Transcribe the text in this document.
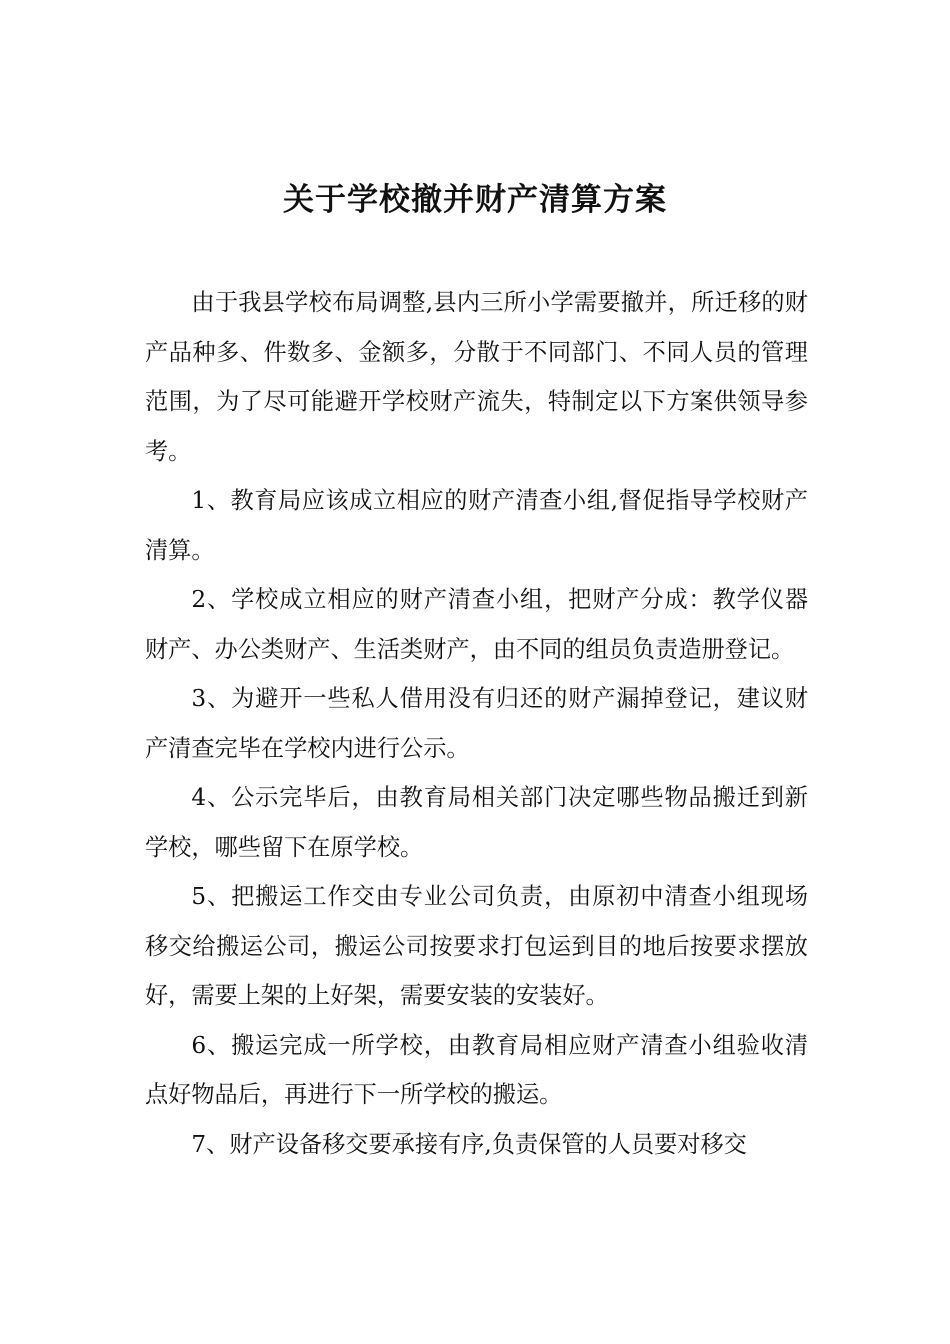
关于学校撤并财产清算方案

由于我县学校布局调整,县内三所小学需要撤并，所迁移的财产品种多、件数多、金额多，分散于不同部门、不同人员的管理范围，为了尽可能避开学校财产流失，特制定以下方案供领导参考。

1、教育局应该成立相应的财产清查小组,督促指导学校财产清算。

2、学校成立相应的财产清查小组，把财产分成：教学仪器财产、办公类财产、生活类财产，由不同的组员负责造册登记。

3、为避开一些私人借用没有归还的财产漏掉登记，建议财产清查完毕在学校内进行公示。

4、公示完毕后，由教育局相关部门决定哪些物品搬迁到新学校，哪些留下在原学校。

5、把搬运工作交由专业公司负责，由原初中清查小组现场移交给搬运公司，搬运公司按要求打包运到目的地后按要求摆放好，需要上架的上好架，需要安装的安装好。

6、搬运完成一所学校，由教育局相应财产清查小组验收清点好物品后，再进行下一所学校的搬运。

7、财产设备移交要承接有序,负责保管的人员要对移交
